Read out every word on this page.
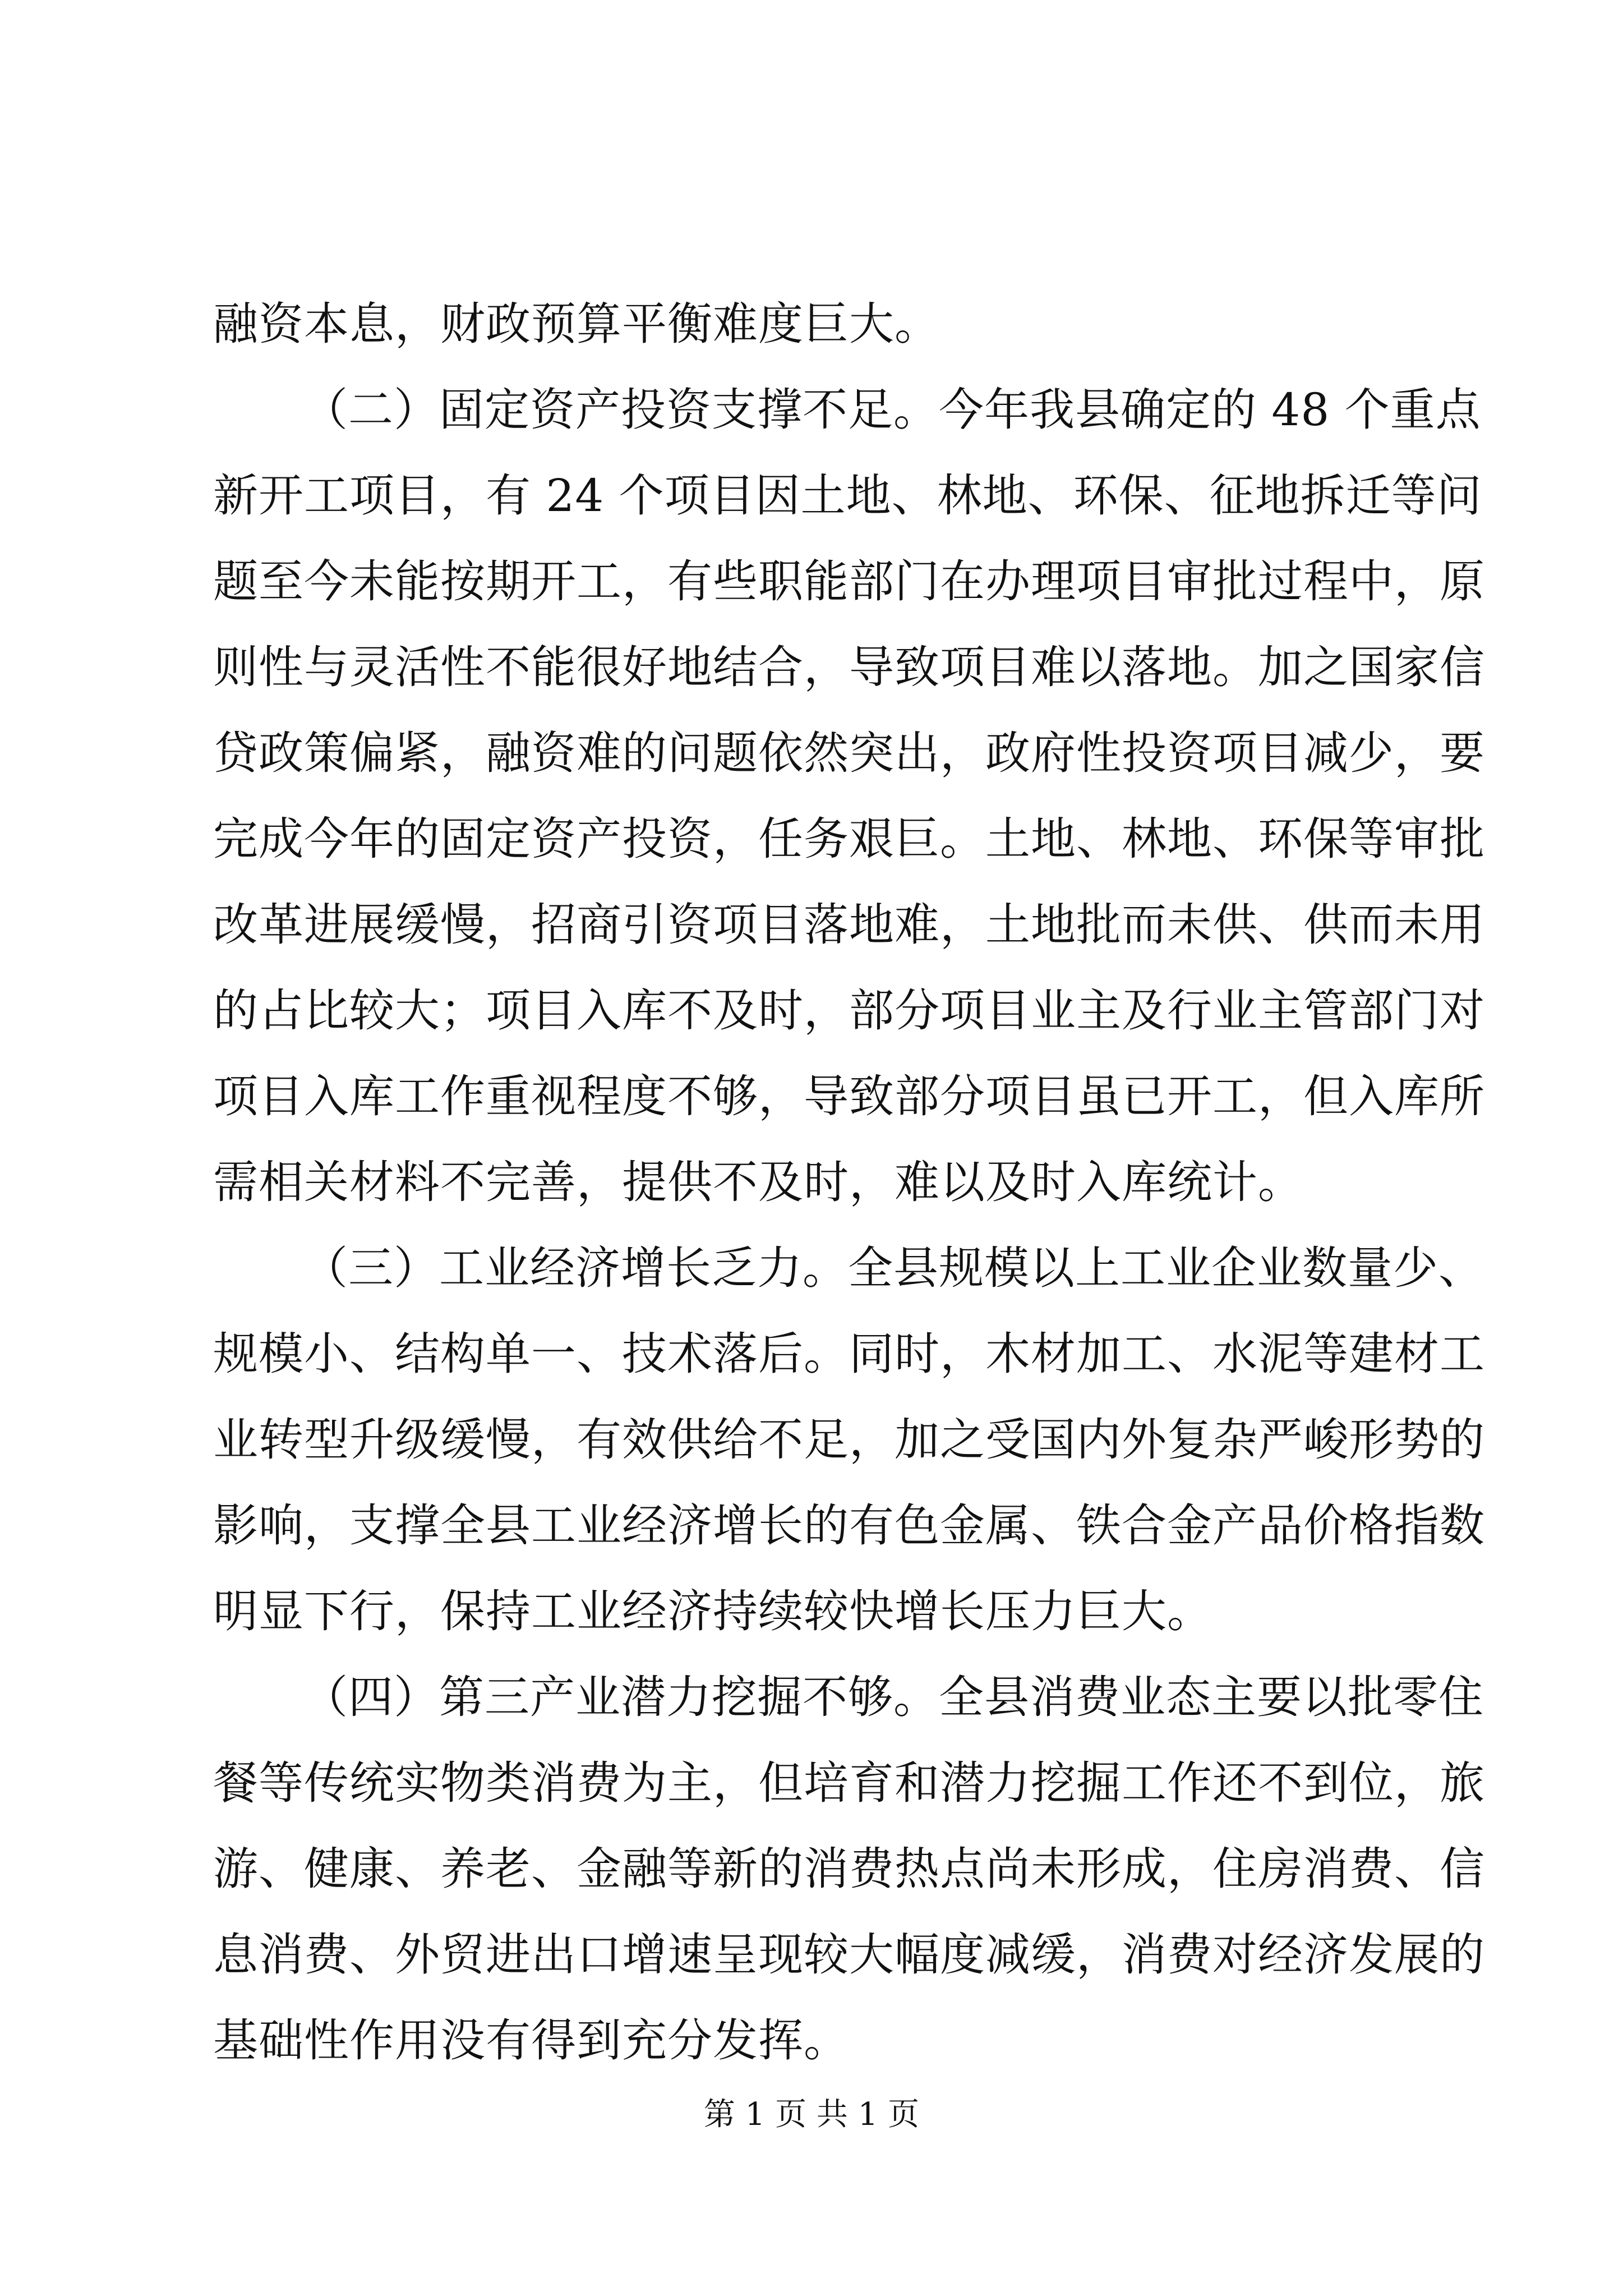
融资本息，财政预算平衡难度巨大。
（二）固定资产投资支撑不足。今年我县确定的 48 个重点
新开工项目，有 24 个项目因土地、林地、环保、征地拆迁等问
题至今未能按期开工，有些职能部门在办理项目审批过程中，原
则性与灵活性不能很好地结合，导致项目难以落地。加之国家信
贷政策偏紧，融资难的问题依然突出，政府性投资项目减少，要
完成今年的固定资产投资，任务艰巨。土地、林地、环保等审批
改革进展缓慢，招商引资项目落地难，土地批而未供、供而未用
的占比较大；项目入库不及时，部分项目业主及行业主管部门对
项目入库工作重视程度不够，导致部分项目虽已开工，但入库所
需相关材料不完善，提供不及时，难以及时入库统计。
（三）工业经济增长乏力。全县规模以上工业企业数量少、
规模小、结构单一、技术落后。同时，木材加工、水泥等建材工
业转型升级缓慢，有效供给不足，加之受国内外复杂严峻形势的
影响，支撑全县工业经济增长的有色金属、铁合金产品价格指数
明显下行，保持工业经济持续较快增长压力巨大。
（四）第三产业潜力挖掘不够。全县消费业态主要以批零住
餐等传统实物类消费为主，但培育和潜力挖掘工作还不到位，旅
游、健康、养老、金融等新的消费热点尚未形成，住房消费、信
息消费、外贸进出口增速呈现较大幅度减缓，消费对经济发展的
基础性作用没有得到充分发挥。
第 1 页 共 1 页
